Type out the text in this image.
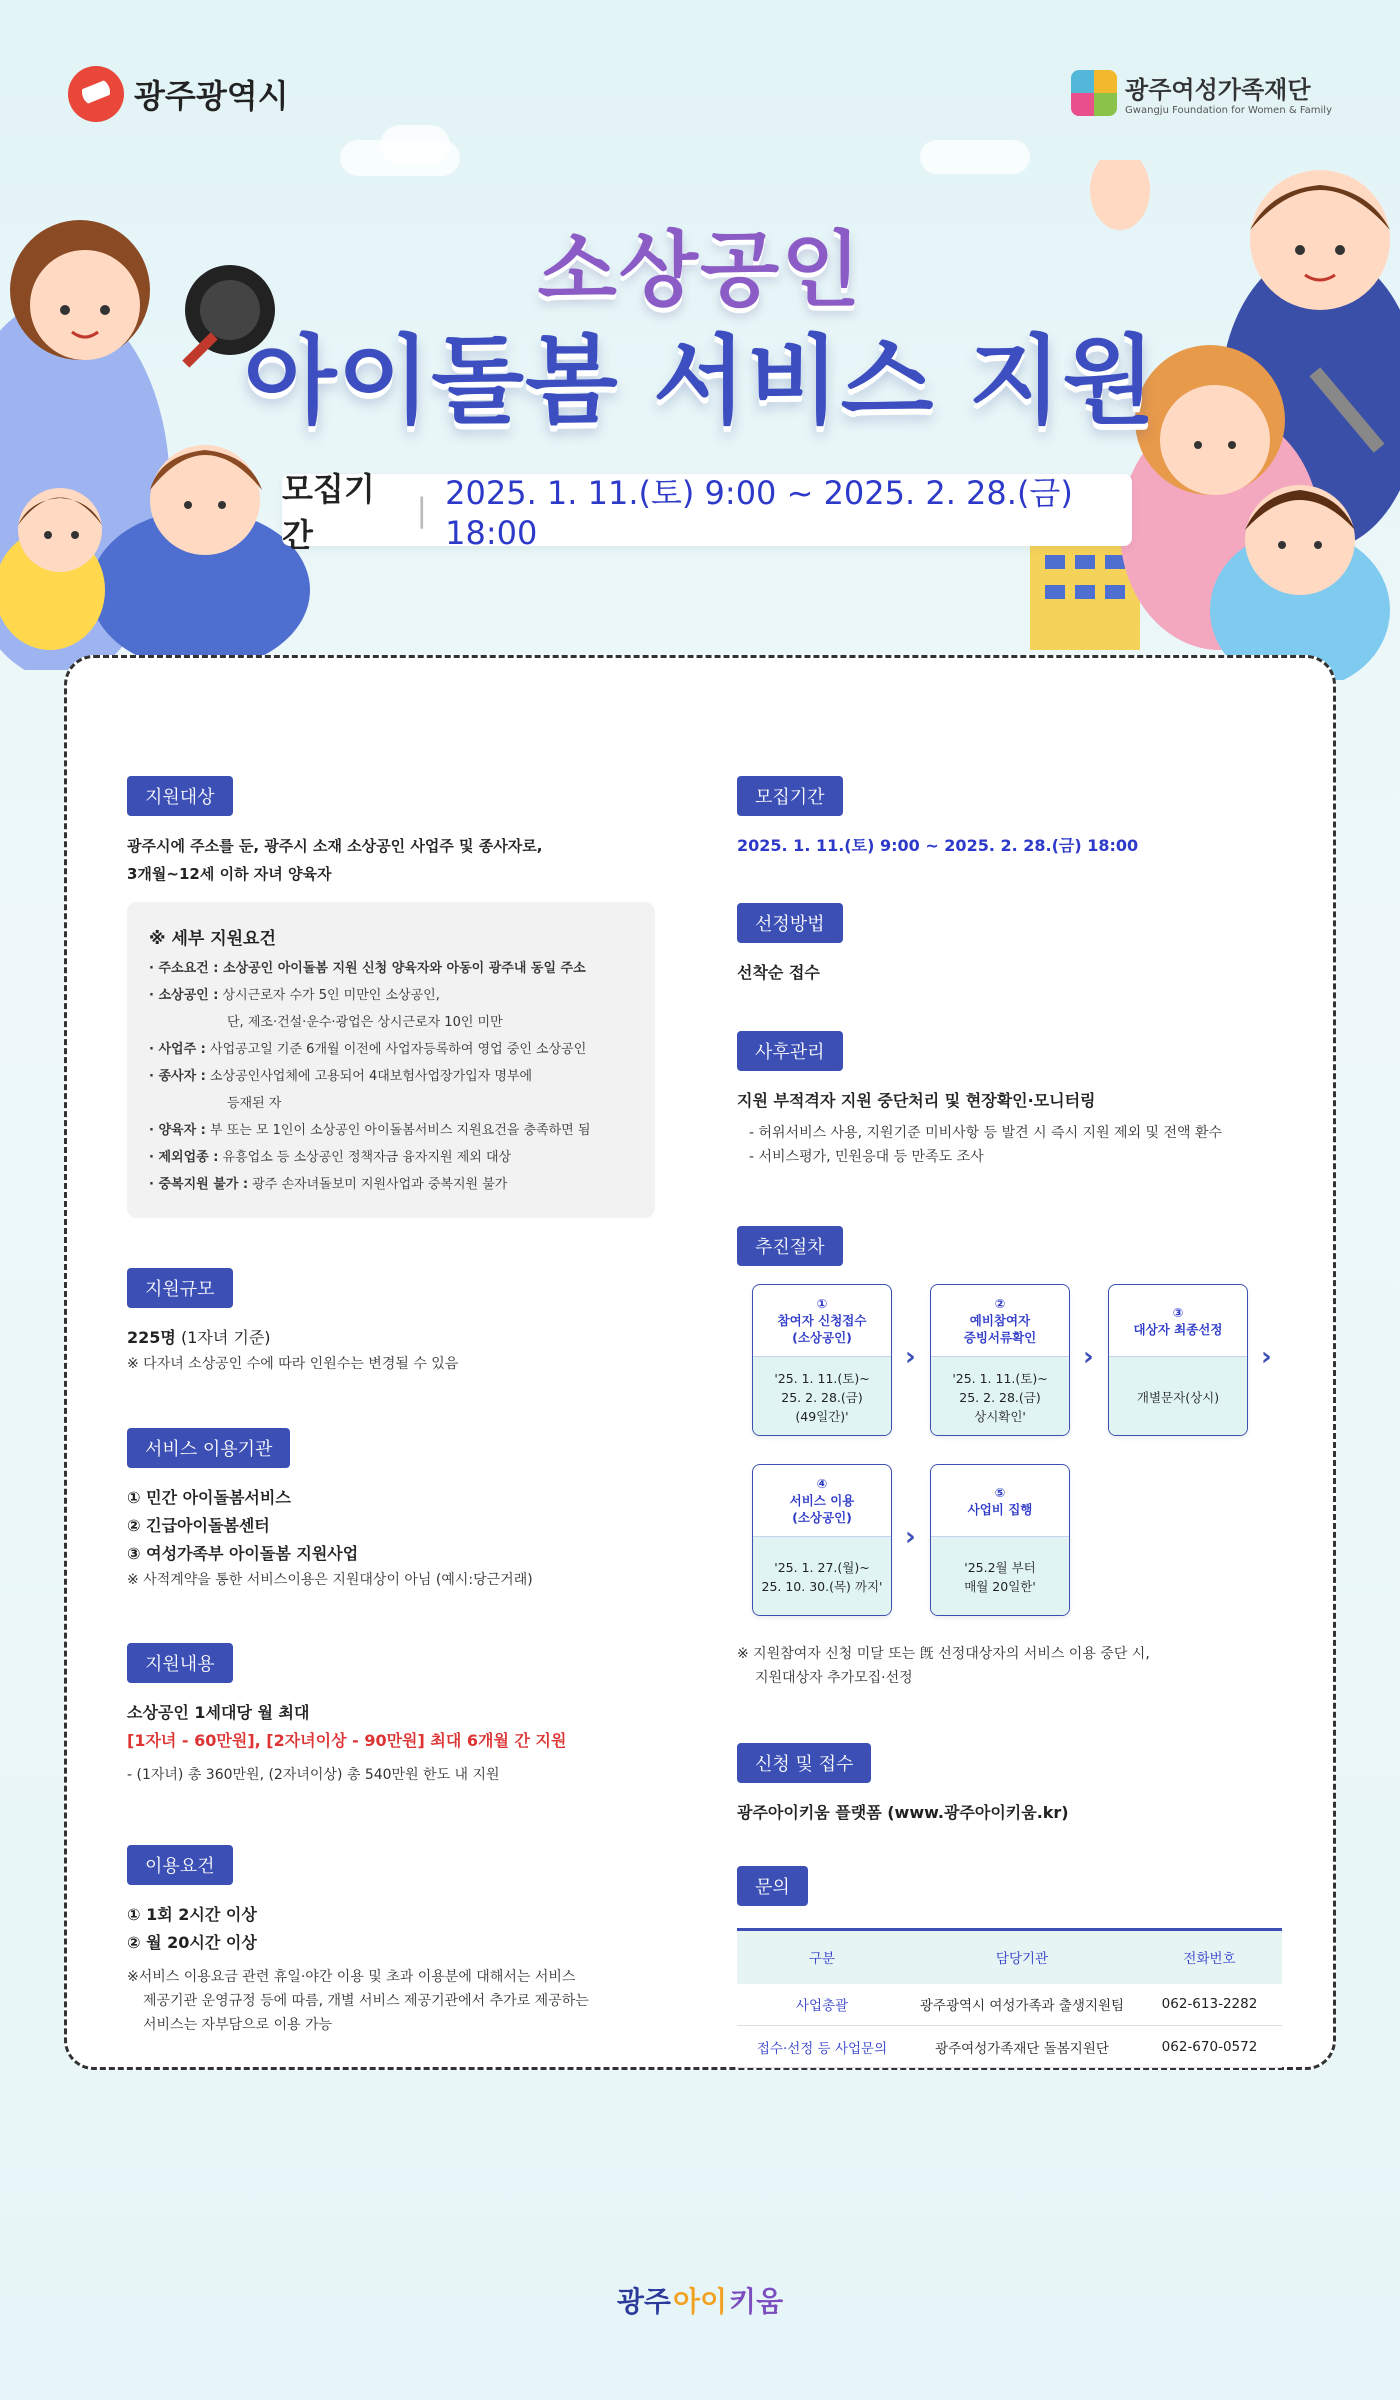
광주광역시	광주여성가족재단
Gwangju Foundation for Women & Family
소상공인
아이돌봄 서비스 지원
모집기간
| 2025. 1. 11.(토) 9:00 ~ 2025. 2. 28.(금) 18:00
지원대상
광주시에 주소를 둔, 광주시 소재 소상공인 사업주 및 종사자로,
3개월~12세 이하 자녀 양육자
※ 세부 지원요건
· 주소요건 : 소상공인 아이돌봄 지원 신청 양육자와 아동이 광주내 동일 주소
· 소상공인 : 상시근로자 수가 5인 미만인 소상공인,
단, 제조·건설·운수·광업은 상시근로자 10인 미만
· 사업주 : 사업공고일 기준 6개월 이전에 사업자등록하여 영업 중인 소상공인
· 종사자 : 소상공인사업체에 고용되어 4대보험사업장가입자 명부에
등재된 자
· 양육자 : 부 또는 모 1인이 소상공인 아이돌봄서비스 지원요건을 충족하면 됨
· 제외업종 : 유흥업소 등 소상공인 정책자금 융자지원 제외 대상
· 중복지원 불가 : 광주 손자녀돌보미 지원사업과 중복지원 불가
지원규모
225명 (1자녀 기준)
※ 다자녀 소상공인 수에 따라 인원수는 변경될 수 있음
서비스 이용기관
① 민간 아이돌봄서비스
② 긴급아이돌봄센터
③ 여성가족부 아이돌봄 지원사업
※ 사적계약을 통한 서비스이용은 지원대상이 아님 (예시:당근거래)
지원내용
소상공인 1세대당 월 최대
[1자녀 - 60만원], [2자녀이상 - 90만원] 최대 6개월 간 지원
- (1자녀) 총 360만원, (2자녀이상) 총 540만원 한도 내 지원
이용요건
① 1회 2시간 이상
② 월 20시간 이상
※서비스 이용요금 관련 휴일·야간 이용 및 초과 이용분에 대해서는 서비스
제공기관 운영규정 등에 따름, 개별 서비스 제공기관에서 추가로 제공하는
서비스는 자부담으로 이용 가능
모집기간
2025. 1. 11.(토) 9:00 ~ 2025. 2. 28.(금) 18:00
선정방법
선착순 접수
사후관리
지원 부적격자 지원 중단처리 및 현장확인·모니터링
- 허위서비스 사용, 지원기준 미비사항 등 발견 시 즉시 지원 제외 및 전액 환수
- 서비스평가, 민원응대 등 만족도 조사
추진절차
①
참여자 신청접수
(소상공인)
'25. 1. 11.(토)~
25. 2. 28.(금)
(49일간)'
›
②
예비참여자
증빙서류확인
'25. 1. 11.(토)~
25. 2. 28.(금)
상시확인'
›
③
대상자 최종선정
개별문자(상시)
›
④
서비스 이용
(소상공인)
'25. 1. 27.(월)~
25. 10. 30.(목) 까지'
›
⑤
사업비 집행
'25.2월 부터
매월 20일한'
※ 지원참여자 신청 미달 또는 旣 선정대상자의 서비스 이용 중단 시,
지원대상자 추가모집·선정
신청 및 접수
광주아이키움 플랫폼 (www.광주아이키움.kr)
문의
구분	담당기관	전화번호
사업총괄	광주광역시 여성가족과 출생지원팀	062-613-2282
접수·선정 등 사업문의	광주여성가족재단 돌봄지원단	062-670-0572
광주 아이 키움
